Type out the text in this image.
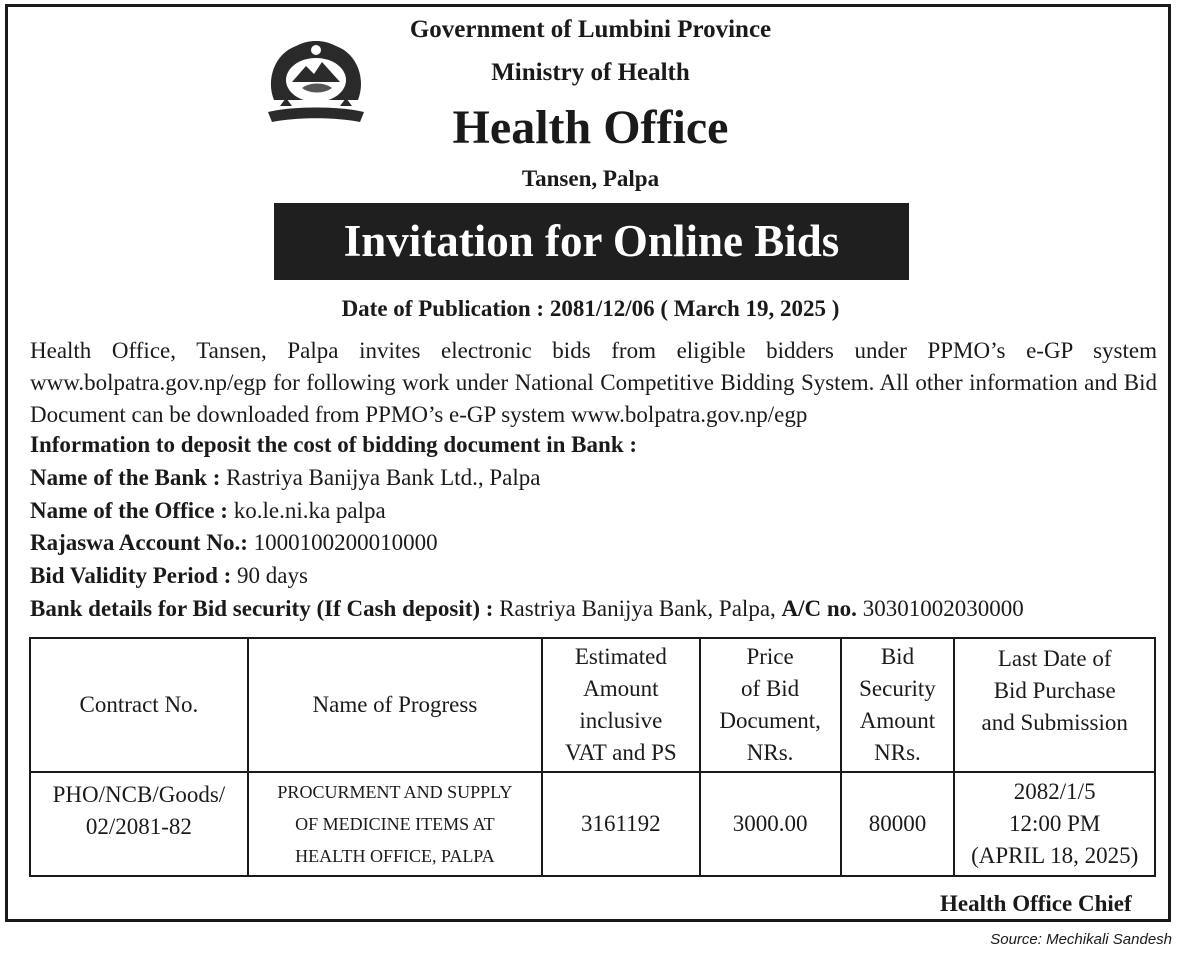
Government of Lumbini Province
Ministry of Health
Health Office
Tansen, Palpa
Invitation for Online Bids
Date of Publication : 2081/12/06 ( March 19, 2025 )
Health Office, Tansen, Palpa invites electronic bids from eligible bidders under PPMO’s e-GP system www.bolpatra.gov.np/egp for following work under National Competitive Bidding System. All other information and Bid Document can be downloaded from PPMO’s e-GP system www.bolpatra.gov.np/egp
Information to deposit the cost of bidding document in Bank :
Name of the Bank : Rastriya Banijya Bank Ltd., Palpa
Name of the Office : ko.le.ni.ka palpa
Rajaswa Account No.: 1000100200010000
Bid Validity Period : 90 days
Bank details for Bid security (If Cash deposit) : Rastriya Banijya Bank, Palpa, A/C no. 30301002030000
Contract No.	Name of Progress	Estimated
Amount
inclusive
VAT and PS	Price
of Bid
Document,
NRs.	Bid
Security
Amount
NRs.	Last Date of
Bid Purchase
and Submission
PHO/NCB/Goods/
02/2081-82	PROCURMENT AND SUPPLY
OF MEDICINE ITEMS AT
HEALTH OFFICE, PALPA	3161192	3000.00	80000	2082/1/5
12:00 PM
(APRIL 18, 2025)
Health Office Chief
Source: Mechikali Sandesh
